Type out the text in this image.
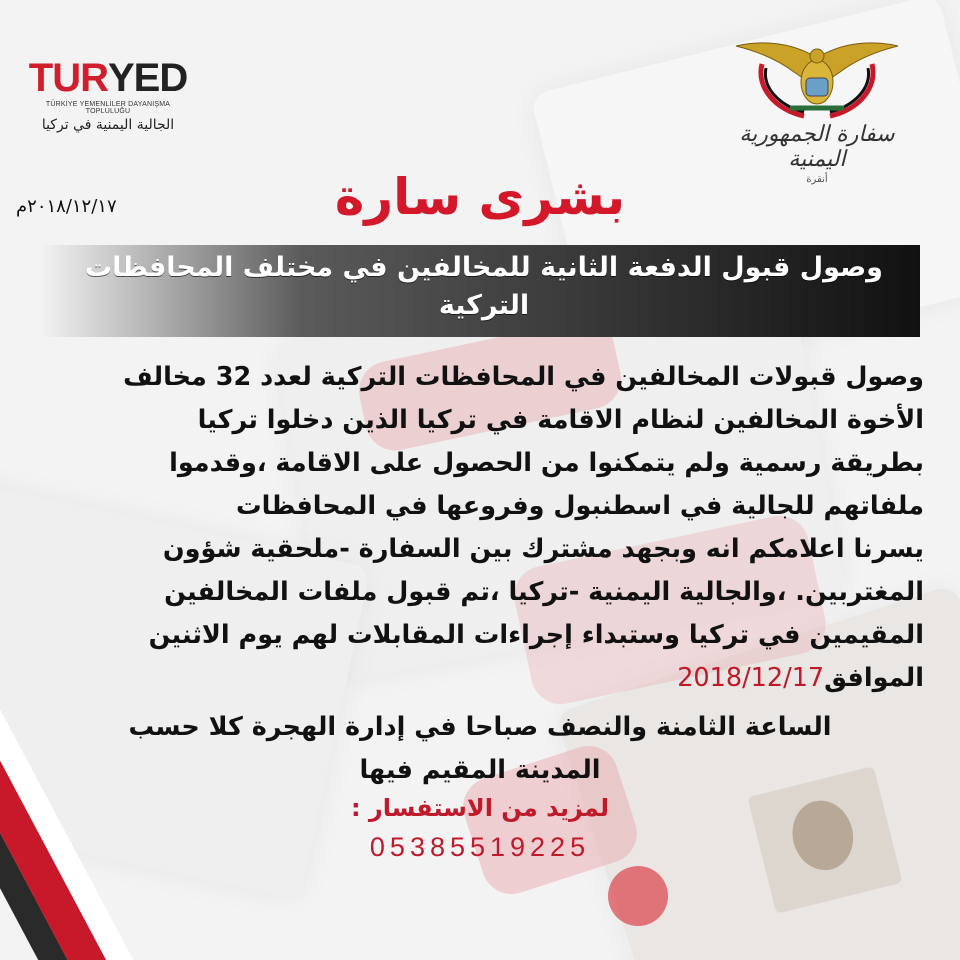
TUR YED
TÜRKİYE YEMENLİLER DAYANIŞMA TOPLULUĞU
الجالية اليمنية في تركيا	سفارة الجمهورية اليمنية
أنقرة
٢٠١٨/١٢/١٧م	بشرى سارة
وصول قبول الدفعة الثانية للمخالفين في مختلف المحافظات التركية
وصول قبولات المخالفين في المحافظات التركية لعدد 32 مخالف
الأخوة المخالفين لنظام الاقامة في تركيا الذين دخلوا تركيا
بطريقة رسمية ولم يتمكنوا من الحصول على الاقامة ،وقدموا
ملفاتهم للجالية في اسطنبول وفروعها في المحافظات
يسرنا اعلامكم انه وبجهد مشترك بين السفارة -ملحقية شؤون
المغتربين. ،والجالية اليمنية -تركيا ،تم قبول ملفات المخالفين
المقيمين في تركيا وستبداء إجراءات المقابلات لهم يوم الاثنين
الموافق2018/12/17
الساعة الثامنة والنصف صباحا في إدارة الهجرة كلا حسب
المدينة المقيم فيها
لمزيد من الاستفسار :
05385519225
